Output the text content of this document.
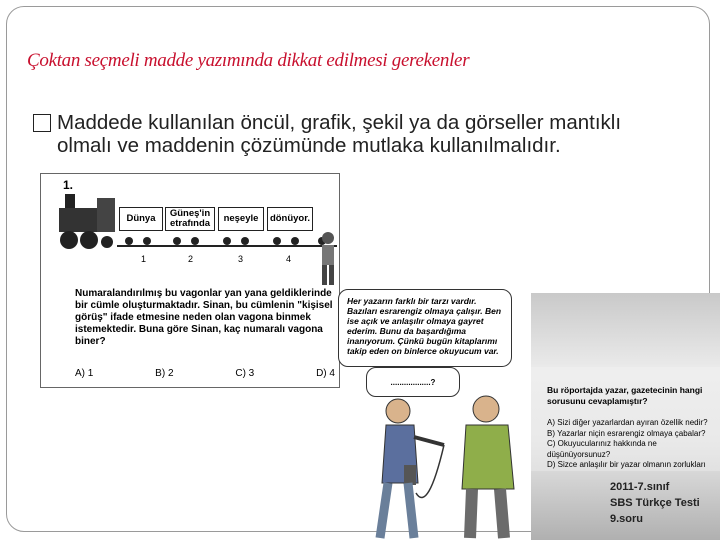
Çoktan seçmeli madde yazımında dikkat edilmesi gerekenler
Maddede kullanılan öncül, grafik, şekil ya da görseller mantıklı olmalı ve maddenin çözümünde mutlaka kullanılmalıdır.
1.
Dünya	Güneş'in etrafında	neşeyle	dönüyor.
1	2	3	4
Numaralandırılmış bu vagonlar yan yana geldiklerinde bir cümle oluşturmaktadır. Sinan, bu cümlenin "kişisel görüş" ifade etmesine neden olan vagona binmek istemektedir. Buna göre Sinan, kaç numaralı vagona biner?
A) 1	B) 2	C) 3	D) 4
Bu röportajda yazar, gazetecinin hangi sorusunu cevaplamıştır?
A) Sizi diğer yazarlardan ayıran özellik nedir?
B) Yazarlar niçin esrarengiz olmaya çabalar?
C) Okuyucularınız hakkında ne düşünüyorsunuz?
D) Sizce anlaşılır bir yazar olmanın zorlukları
2011-7.sınıf
SBS Türkçe Testi
9.soru
Her yazarın farklı bir tarzı vardır. Bazıları esrarengiz olmaya çalışır. Ben ise açık ve anlaşılır olmaya gayret ederim. Bunu da başardığıma inanıyorum. Çünkü bugün kitaplarımı takip eden on binlerce okuyucum var.
..................?
